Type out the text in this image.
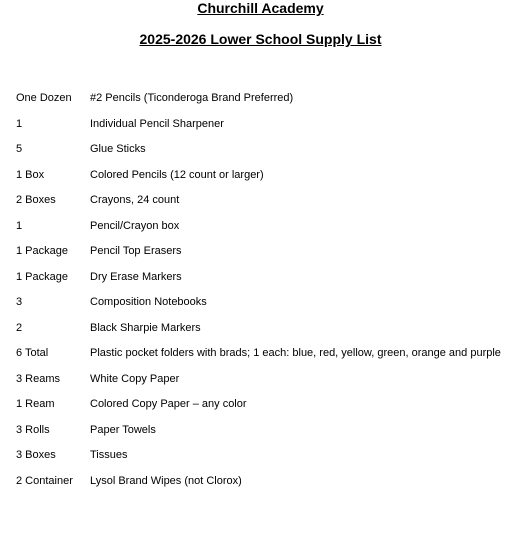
Churchill Academy
2025-2026 Lower School Supply List
One Dozen	#2 Pencils (Ticonderoga Brand Preferred)
1	Individual Pencil Sharpener
5	Glue Sticks
1 Box	Colored Pencils (12 count or larger)
2 Boxes	Crayons, 24 count
1	Pencil/Crayon box
1 Package	Pencil Top Erasers
1 Package	Dry Erase Markers
3	Composition Notebooks
2	Black Sharpie Markers
6 Total	Plastic pocket folders with brads; 1 each: blue, red, yellow, green, orange and purple
3 Reams	White Copy Paper
1 Ream	Colored Copy Paper – any color
3 Rolls	Paper Towels
3 Boxes	Tissues
2 Container	Lysol Brand Wipes (not Clorox)
